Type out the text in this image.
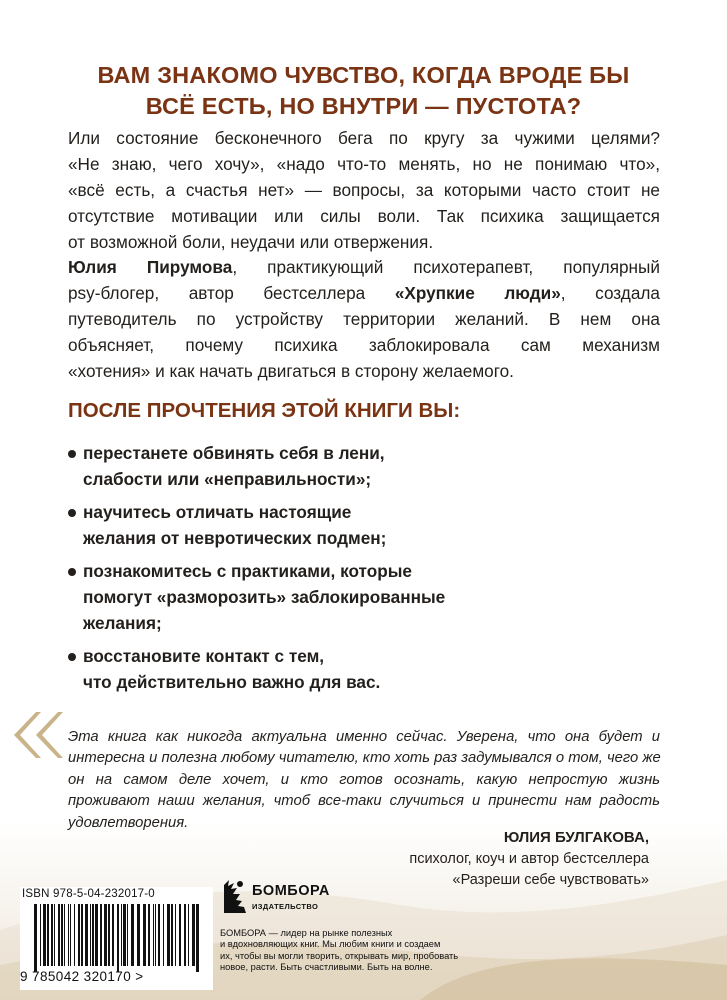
ВАМ ЗНАКОМО ЧУВСТВО, КОГДА ВРОДЕ БЫ
ВСЁ ЕСТЬ, НО ВНУТРИ — ПУСТОТА?
Или состояние бесконечного бега по кругу за чужими целями?
«Не знаю, чего хочу», «надо что-то менять, но не понимаю что»,
«всё есть, а счастья нет» — вопросы, за которыми часто стоит не
отсутствие мотивации или силы воли. Так психика защищается
от возможной боли, неудачи или отвержения.
Юлия Пирумова, практикующий психотерапевт, популярный
psy-блогер, автор бестселлера «Хрупкие люди», создала
путеводитель по устройству территории желаний. В нем она
объясняет, почему психика заблокировала сам механизм
«хотения» и как начать двигаться в сторону желаемого.
ПОСЛЕ ПРОЧТЕНИЯ ЭТОЙ КНИГИ ВЫ:
перестанете обвинять себя в лени,
слабости или «неправильности»;
научитесь отличать настоящие
желания от невротических подмен;
познакомитесь с практиками, которые
помогут «разморозить» заблокированные
желания;
восстановите контакт с тем,
что действительно важно для вас.
Эта книга как никогда актуальна именно сейчас. Уверена, что она будет и
интересна и полезна любому читателю, кто хоть раз задумывался о том, чего же
он на самом деле хочет, и кто готов осознать, какую непростую жизнь
проживают наши желания, чтоб все-таки случиться и принести нам радость
удовлетворения.
ЮЛИЯ БУЛГАКОВА,
психолог, коуч и автор бестселлера
«Разреши себе чувствовать»
ISBN 978-5-04-232017-0
9 785042 320170 >
БОМБОРА
ИЗДАТЕЛЬСТВО
БОМБОРА — лидер на рынке полезных
и вдохновляющих книг. Мы любим книги и создаем
их, чтобы вы могли творить, открывать мир, пробовать
новое, расти. Быть счастливыми. Быть на волне.
